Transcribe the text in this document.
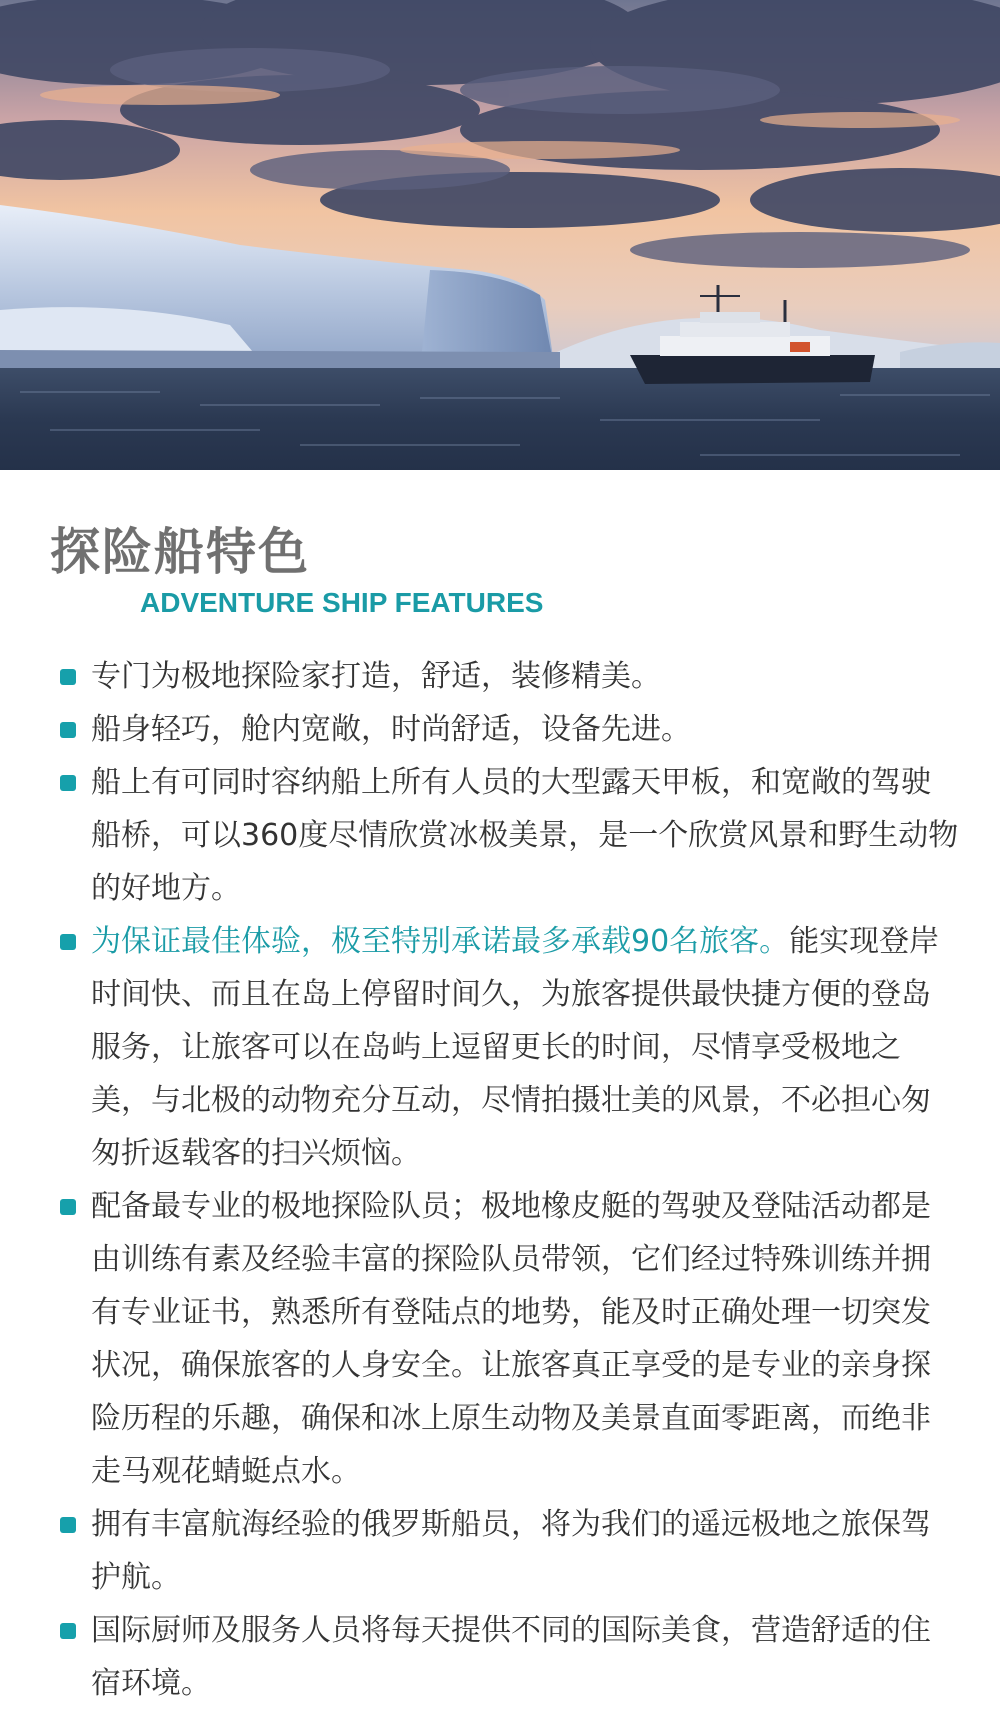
探险船特色
ADVENTURE SHIP FEATURES
专门为极地探险家打造，舒适，装修精美。
船身轻巧，舱内宽敞，时尚舒适，设备先进。
船上有可同时容纳船上所有人员的大型露天甲板，和宽敞的驾驶船桥，可以360度尽情欣赏冰极美景，是一个欣赏风景和野生动物的好地方。
为保证最佳体验，极至特别承诺最多承载90名旅客。能实现登岸时间快、而且在岛上停留时间久，为旅客提供最快捷方便的登岛服务，让旅客可以在岛屿上逗留更长的时间，尽情享受极地之美，与北极的动物充分互动，尽情拍摄壮美的风景，不必担心匆匆折返载客的扫兴烦恼。
配备最专业的极地探险队员；极地橡皮艇的驾驶及登陆活动都是由训练有素及经验丰富的探险队员带领，它们经过特殊训练并拥有专业证书，熟悉所有登陆点的地势，能及时正确处理一切突发状况，确保旅客的人身安全。让旅客真正享受的是专业的亲身探险历程的乐趣，确保和冰上原生动物及美景直面零距离，而绝非走马观花蜻蜓点水。
拥有丰富航海经验的俄罗斯船员，将为我们的遥远极地之旅保驾护航。
国际厨师及服务人员将每天提供不同的国际美食，营造舒适的住宿环境。
